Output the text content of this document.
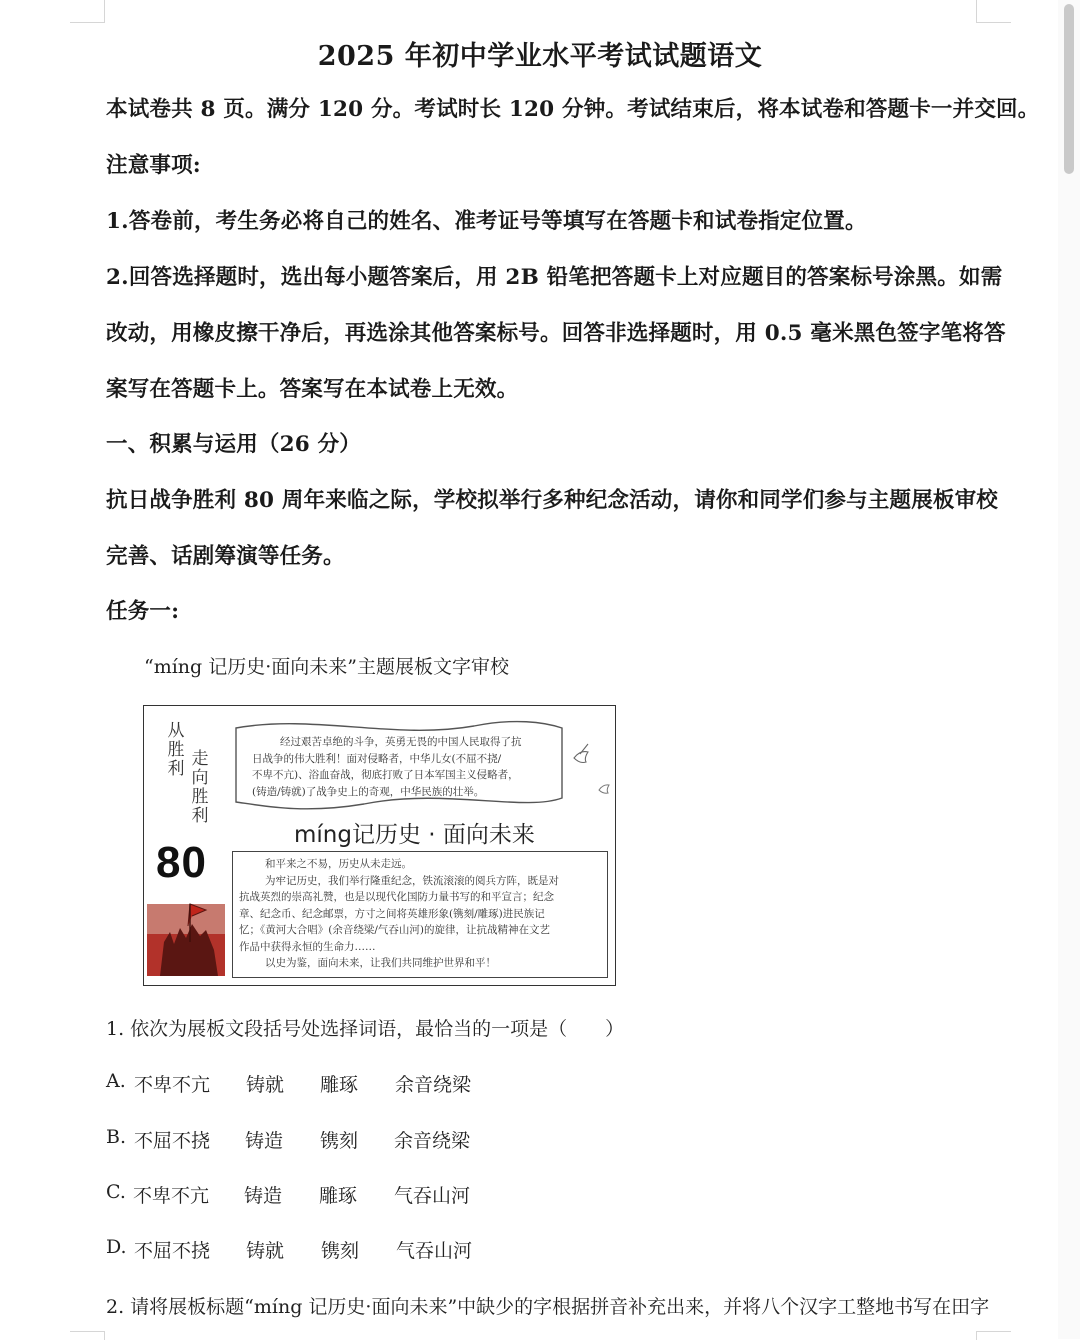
2025 年初中学业水平考试试题语文
本试卷共 8 页。满分 120 分。考试时长 120 分钟。考试结束后，将本试卷和答题卡一并交回。
注意事项:
1.答卷前，考生务必将自己的姓名、准考证号等填写在答题卡和试卷指定位置。
2.回答选择题时，选出每小题答案后，用 2B 铅笔把答题卡上对应题目的答案标号涂黑。如需
改动，用橡皮擦干净后，再选涂其他答案标号。回答非选择题时，用 0.5 毫米黑色签字笔将答
案写在答题卡上。答案写在本试卷上无效。
一、积累与运用（26 分）
抗日战争胜利 80 周年来临之际，学校拟举行多种纪念活动，请你和同学们参与主题展板审校
完善、话剧筹演等任务。
任务一:
“míng 记历史·面向未来”主题展板文字审校
从胜利 走向胜利
80
经过艰苦卓绝的斗争，英勇无畏的中国人民取得了抗
日战争的伟大胜利！面对侵略者，中华儿女(不屈不挠/
不卑不亢)、浴血奋战，彻底打败了日本军国主义侵略者，
(铸造/铸就)了战争史上的奇观，中华民族的壮举。
míng记历史 · 面向未来
和平来之不易，历史从未走远。
为牢记历史，我们举行隆重纪念，铁流滚滚的阅兵方阵，既是对
抗战英烈的崇高礼赞，也是以现代化国防力量书写的和平宣言；纪念
章、纪念币、纪念邮票，方寸之间将英雄形象(镌刻/雕琢)进民族记
忆；《黄河大合唱》(余音绕梁/气吞山河)的旋律，让抗战精神在文艺
作品中获得永恒的生命力……
以史为鉴，面向未来，让我们共同维护世界和平！
1. 依次为展板文段括号处选择词语，最恰当的一项是（　　）
A. 不卑不亢 铸就 雕琢 余音绕梁
B. 不屈不挠 铸造 镌刻 余音绕梁
C. 不卑不亢 铸造 雕琢 气吞山河
D. 不屈不挠 铸就 镌刻 气吞山河
2. 请将展板标题“míng 记历史·面向未来”中缺少的字根据拼音补充出来，并将八个汉字工整地书写在田字
